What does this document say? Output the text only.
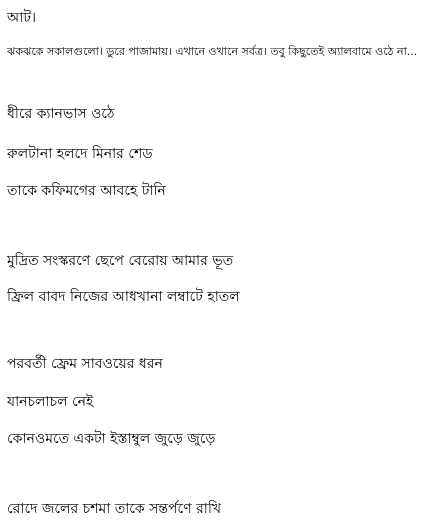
আট।
ঝকঝকে সকালগুলো। ডুরে পাজামায়। এখানে ওখানে সর্বত্র। তবু কিছুতেই অ্যালবামে ওঠে না...
ধীরে ক্যানভাস ওঠে
রুলটানা হলদে মিনার শেড
তাকে কফিমগের আবহে টানি
মুদ্রিত সংস্করণে ছেপে বেরোয় আমার ভূত
ফ্রিল বাবদ নিজের আধখানা লম্বাটে হাতল
পরবর্তী ফ্রেম সাবওয়ের ধরন
যানচলাচল নেই
কোনওমতে একটা ইস্তাম্বুল জুড়ে জুড়ে
রোদে জলের চশমা তাকে সন্তর্পণে রাখি
